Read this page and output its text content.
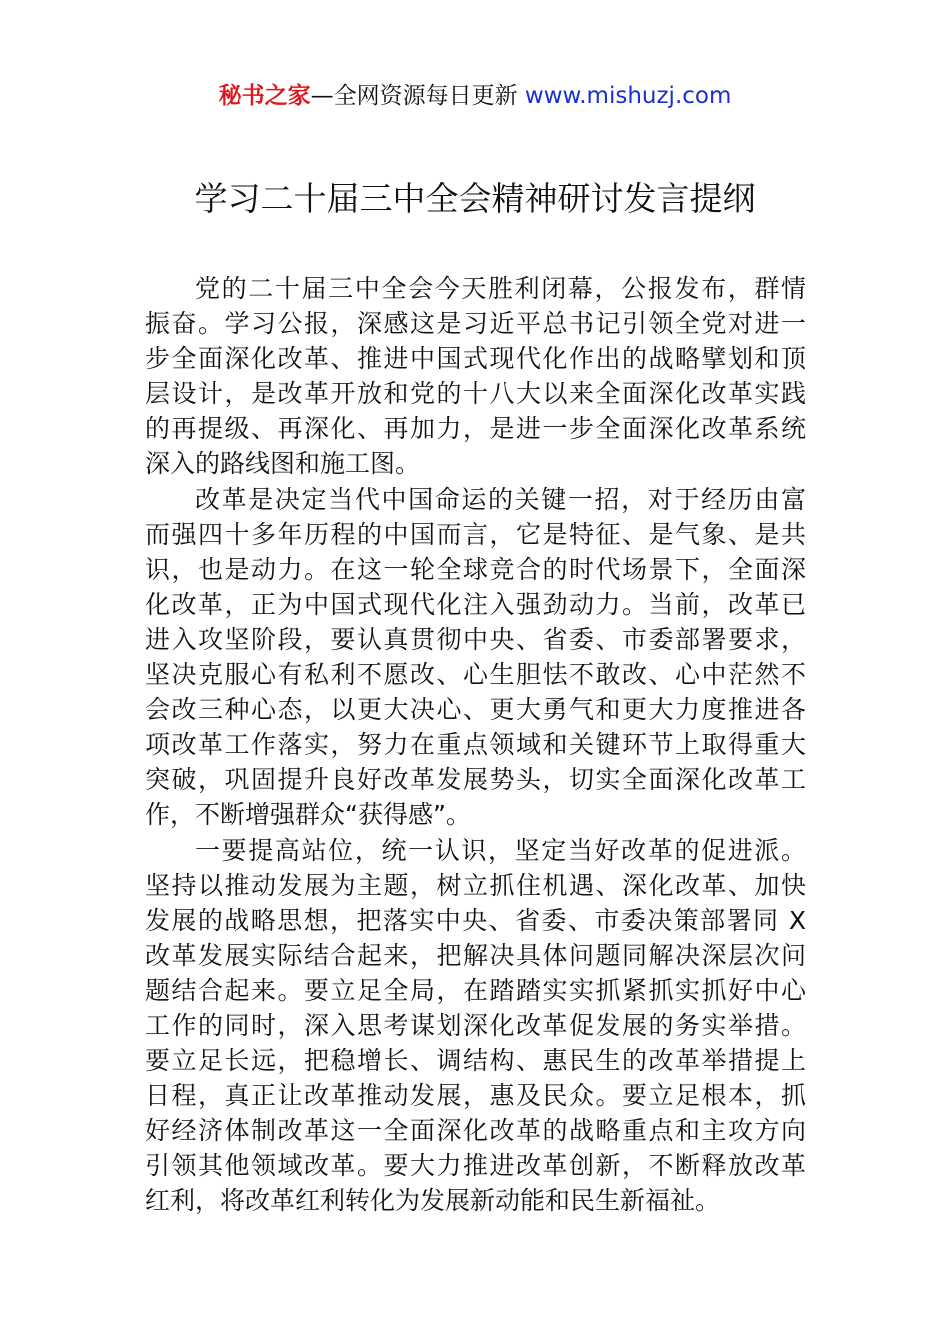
秘书之家—全网资源每日更新 www.mishuzj.com
学习二十届三中全会精神研讨发言提纲

党的二十届三中全会今天胜利闭幕，公报发布，群情
振奋。学习公报，深感这是习近平总书记引领全党对进一
步全面深化改革、推进中国式现代化作出的战略擘划和顶
层设计，是改革开放和党的十八大以来全面深化改革实践
的再提级、再深化、再加力，是进一步全面深化改革系统
深入的路线图和施工图。

改革是决定当代中国命运的关键一招，对于经历由富
而强四十多年历程的中国而言，它是特征、是气象、是共
识，也是动力。在这一轮全球竞合的时代场景下，全面深
化改革，正为中国式现代化注入强劲动力。当前，改革已
进入攻坚阶段，要认真贯彻中央、省委、市委部署要求，
坚决克服心有私利不愿改、心生胆怯不敢改、心中茫然不
会改三种心态，以更大决心、更大勇气和更大力度推进各
项改革工作落实，努力在重点领域和关键环节上取得重大
突破，巩固提升良好改革发展势头，切实全面深化改革工
作，不断增强群众“获得感”。

一要提高站位，统一认识，坚定当好改革的促进派。
坚持以推动发展为主题，树立抓住机遇、深化改革、加快
发展的战略思想，把落实中央、省委、市委决策部署同 X
改革发展实际结合起来，把解决具体问题同解决深层次问
题结合起来。要立足全局，在踏踏实实抓紧抓实抓好中心
工作的同时，深入思考谋划深化改革促发展的务实举措。
要立足长远，把稳增长、调结构、惠民生的改革举措提上
日程，真正让改革推动发展，惠及民众。要立足根本，抓
好经济体制改革这一全面深化改革的战略重点和主攻方向
引领其他领域改革。要大力推进改革创新，不断释放改革
红利，将改革红利转化为发展新动能和民生新福祉。
